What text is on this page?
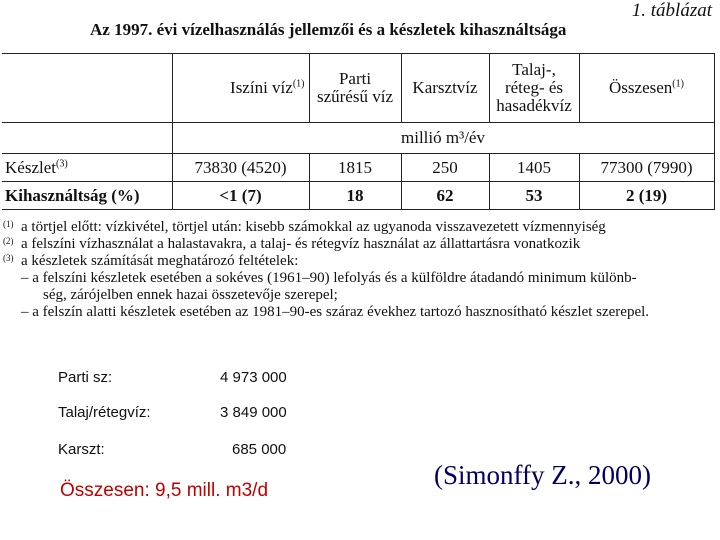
1. táblázat
Az 1997. évi vízelhasználás jellemzői és a készletek kihasználtsága
	Iszíni víz$^{(1)}$	Parti szűrésű víz	Karsztvíz	Talaj-, réteg- és hasadékvíz	Összesen$^{(1)}$
	millió m³/év				
Készlet$^{(3)}$	73830 (4520)	1815	250	1405	77300 (7990)
Kihasználtság (%)	<1 (7)	18	62	53	2 (19)
(1) a törtjel előtt: vízkivétel, törtjel után: kisebb számokkal az ugyanoda visszavezetett vízmennyiség
(2) a felszíni vízhasználat a halastavakra, a talaj- és rétegvíz használat az állattartásra vonatkozik
(3) a készletek számítását meghatározó feltételek:
– a felszíni készletek esetében a sokéves (1961–90) lefolyás és a külföldre átadandó minimum különb-
ség, zárójelben ennek hazai összetevője szerepel;
– a felszín alatti készletek esetében az 1981–90-es száraz évekhez tartozó hasznosítható készlet szerepel.
Parti sz:	4 973 000
Talaj/rétegvíz:	3 849 000
Karszt:	685 000
Összesen: 9,5 mill. m3/d
(Simonffy Z., 2000)
